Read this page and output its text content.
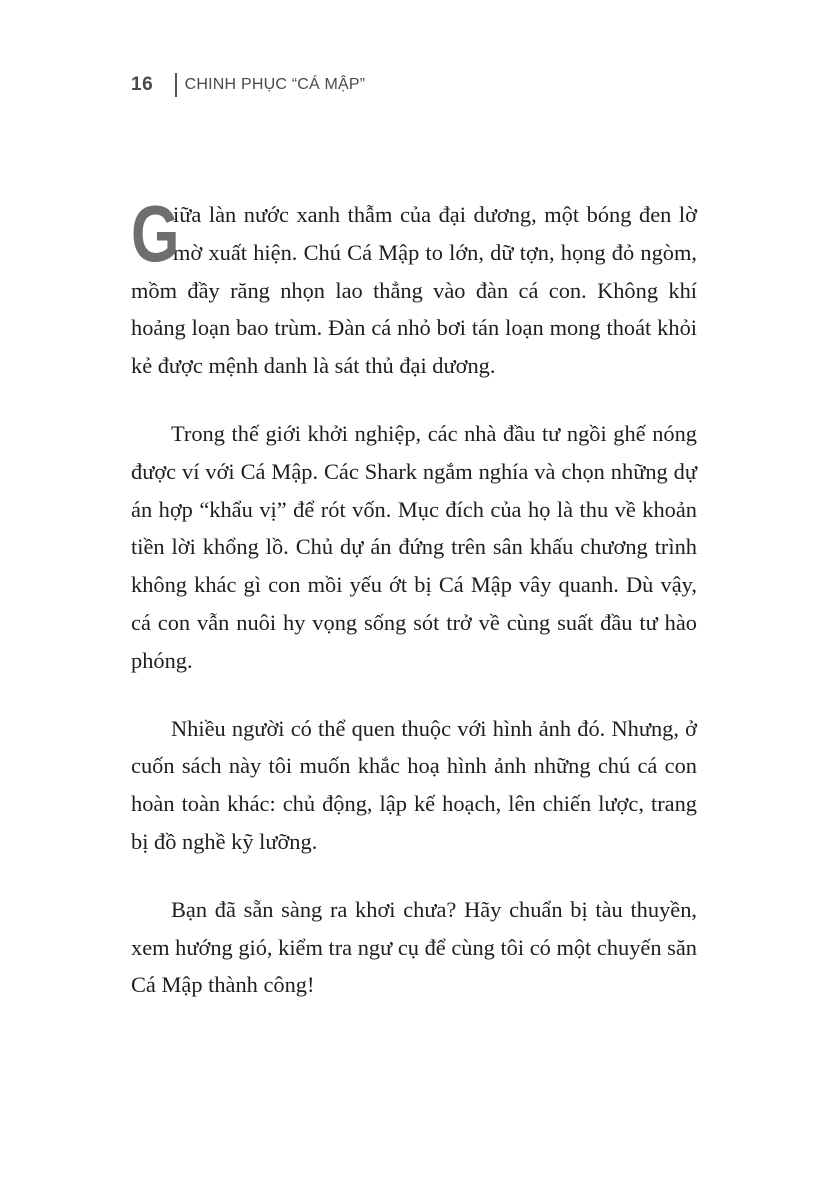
16 CHINH PHỤC “CÁ MẬP”

G
iữa làn nước xanh thẫm của đại dương, một bóng đen lờ mờ xuất hiện. Chú Cá Mập to lớn, dữ tợn, họng đỏ ngòm, mồm đầy răng nhọn lao thẳng vào đàn cá con. Không khí hoảng loạn bao trùm. Đàn cá nhỏ bơi tán loạn mong thoát khỏi kẻ được mệnh danh là sát thủ đại dương.

Trong thế giới khởi nghiệp, các nhà đầu tư ngồi ghế nóng được ví với Cá Mập. Các Shark ngắm nghía và chọn những dự án hợp “khẩu vị” để rót vốn. Mục đích của họ là thu về khoản tiền lời khổng lồ. Chủ dự án đứng trên sân khấu chương trình không khác gì con mồi yếu ớt bị Cá Mập vây quanh. Dù vậy, cá con vẫn nuôi hy vọng sống sót trở về cùng suất đầu tư hào phóng.

Nhiều người có thể quen thuộc với hình ảnh đó. Nhưng, ở cuốn sách này tôi muốn khắc hoạ hình ảnh những chú cá con hoàn toàn khác: chủ động, lập kế hoạch, lên chiến lược, trang bị đồ nghề kỹ lưỡng.

Bạn đã sẵn sàng ra khơi chưa? Hãy chuẩn bị tàu thuyền, xem hướng gió, kiểm tra ngư cụ để cùng tôi có một chuyến săn Cá Mập thành công!
